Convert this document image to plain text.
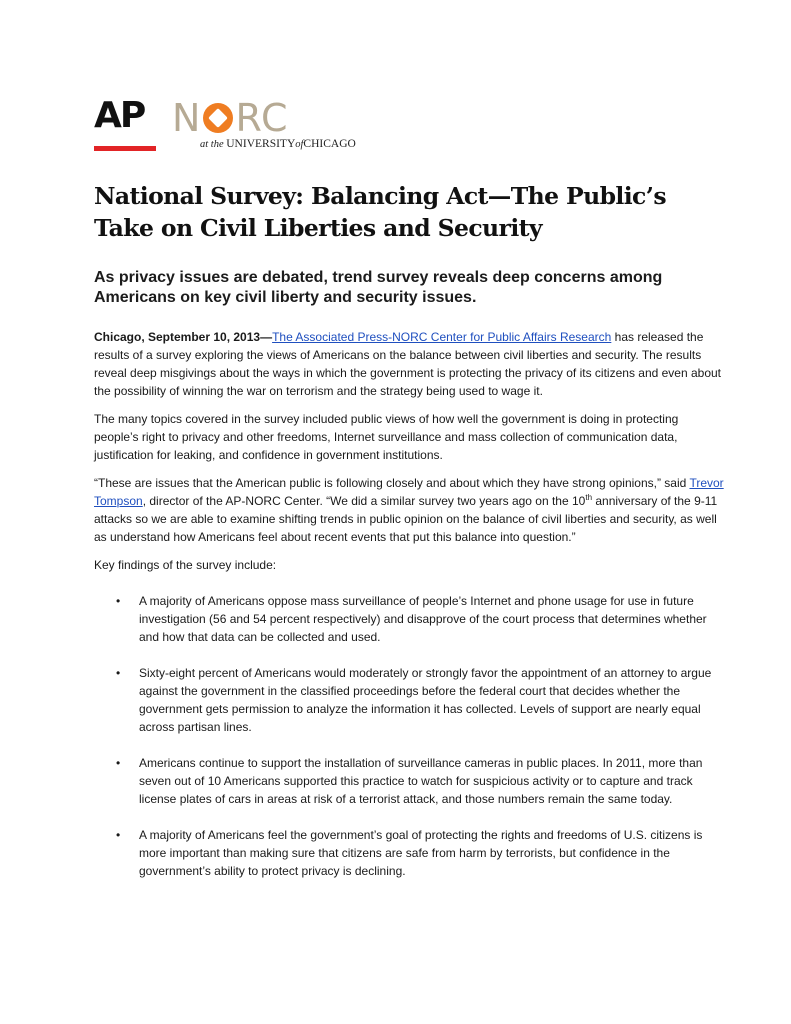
AP N RC
at the UNIVERSITYofCHICAGO
National Survey: Balancing Act—The Public’s Take on Civil Liberties and Security

As privacy issues are debated, trend survey reveals deep concerns among Americans on key civil liberty and security issues.

Chicago, September 10, 2013—The Associated Press-NORC Center for Public Affairs Research has released the results of a survey exploring the views of Americans on the balance between civil liberties and security. The results reveal deep misgivings about the ways in which the government is protecting the privacy of its citizens and even about the possibility of winning the war on terrorism and the strategy being used to wage it.

The many topics covered in the survey included public views of how well the government is doing in protecting people’s right to privacy and other freedoms, Internet surveillance and mass collection of communication data, justification for leaking, and confidence in government institutions.

“These are issues that the American public is following closely and about which they have strong opinions,” said Trevor Tompson, director of the AP-NORC Center. “We did a similar survey two years ago on the 10th anniversary of the 9-11 attacks so we are able to examine shifting trends in public opinion on the balance of civil liberties and security, as well as understand how Americans feel about recent events that put this balance into question.”

Key findings of the survey include:

• A majority of Americans oppose mass surveillance of people’s Internet and phone usage for use in future investigation (56 and 54 percent respectively) and disapprove of the court process that determines whether and how that data can be collected and used.
• Sixty-eight percent of Americans would moderately or strongly favor the appointment of an attorney to argue against the government in the classified proceedings before the federal court that decides whether the government gets permission to analyze the information it has collected. Levels of support are nearly equal across partisan lines.
• Americans continue to support the installation of surveillance cameras in public places. In 2011, more than seven out of 10 Americans supported this practice to watch for suspicious activity or to capture and track license plates of cars in areas at risk of a terrorist attack, and those numbers remain the same today.
• A majority of Americans feel the government’s goal of protecting the rights and freedoms of U.S. citizens is more important than making sure that citizens are safe from harm by terrorists, but confidence in the government’s ability to protect privacy is declining.
